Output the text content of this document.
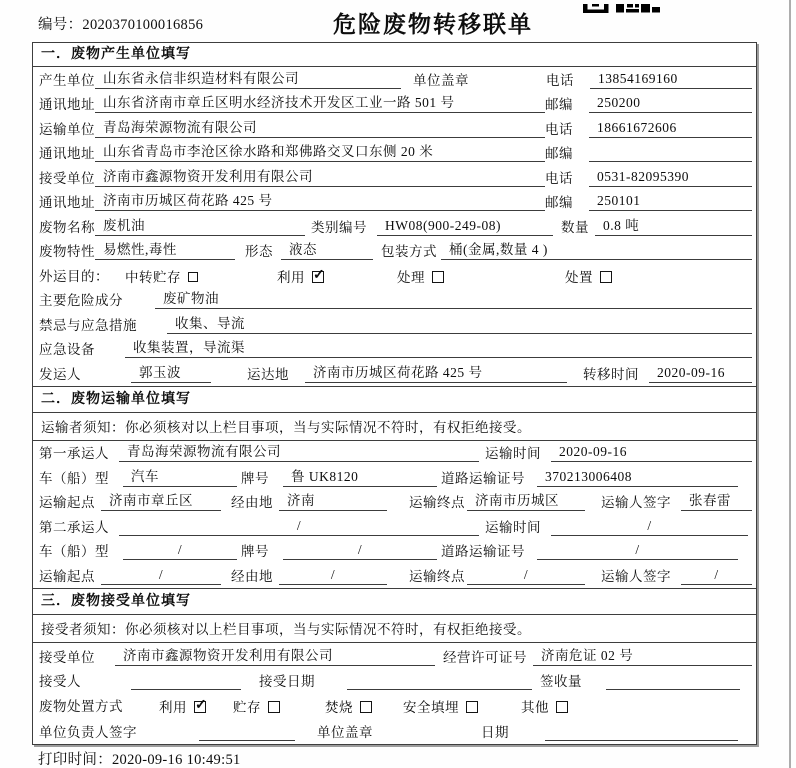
编号：2020370100016856	危险废物转移联单
一．废物产生单位填写
产生单位 山东省永信非织造材料有限公司	单位盖章	电话	13854169160
通讯地址 山东省济南市章丘区明水经济技术开发区工业一路 501 号	邮编	250200
运输单位 青岛海荣源物流有限公司	电话	18661672606
通讯地址 山东省青岛市李沧区徐水路和郑佛路交叉口东侧 20 米	邮编
接受单位 济南市鑫源物资开发利用有限公司	电话	0531-82095390
通讯地址 济南市历城区荷花路 425 号	邮编	250101
废物名称 废机油	类别编号	HW08(900-249-08)	数量	0.8 吨
废物特性 易燃性,毒性	形态	液态	包装方式 桶(金属,数量 4 )
外运目的：	中转贮存	利用 ✓	处理	处置
主要危险成分	废矿物油
禁忌与应急措施	收集、导流
应急设备	收集装置，导流渠
发运人	郭玉波	运达地	济南市历城区荷花路 425 号	转移时间	2020-09-16
二．废物运输单位填写
运输者须知：你必须核对以上栏目事项，当与实际情况不符时，有权拒绝接受。
第一承运人	青岛海荣源物流有限公司	运输时间	2020-09-16
车（船）型	汽车	牌号	鲁 UK8120	道路运输证号	370213006408
运输起点	济南市章丘区	经由地	济南	运输终点 济南市历城区	运输人签字	张春雷
第二承运人	/	运输时间	/
车（船）型	/	牌号	/	道路运输证号	/
运输起点	/	经由地	/	运输终点	/	运输人签字	/
三．废物接受单位填写
接受者须知：你必须核对以上栏目事项，当与实际情况不符时，有权拒绝接受。
接受单位	济南市鑫源物资开发利用有限公司	经营许可证号	济南危证 02 号
接受人	接受日期	签收量
废物处置方式	利用 ✓	贮存	焚烧	安全填埋	其他
单位负责人签字	单位盖章	日期
打印时间：2020-09-16 10:49:51
